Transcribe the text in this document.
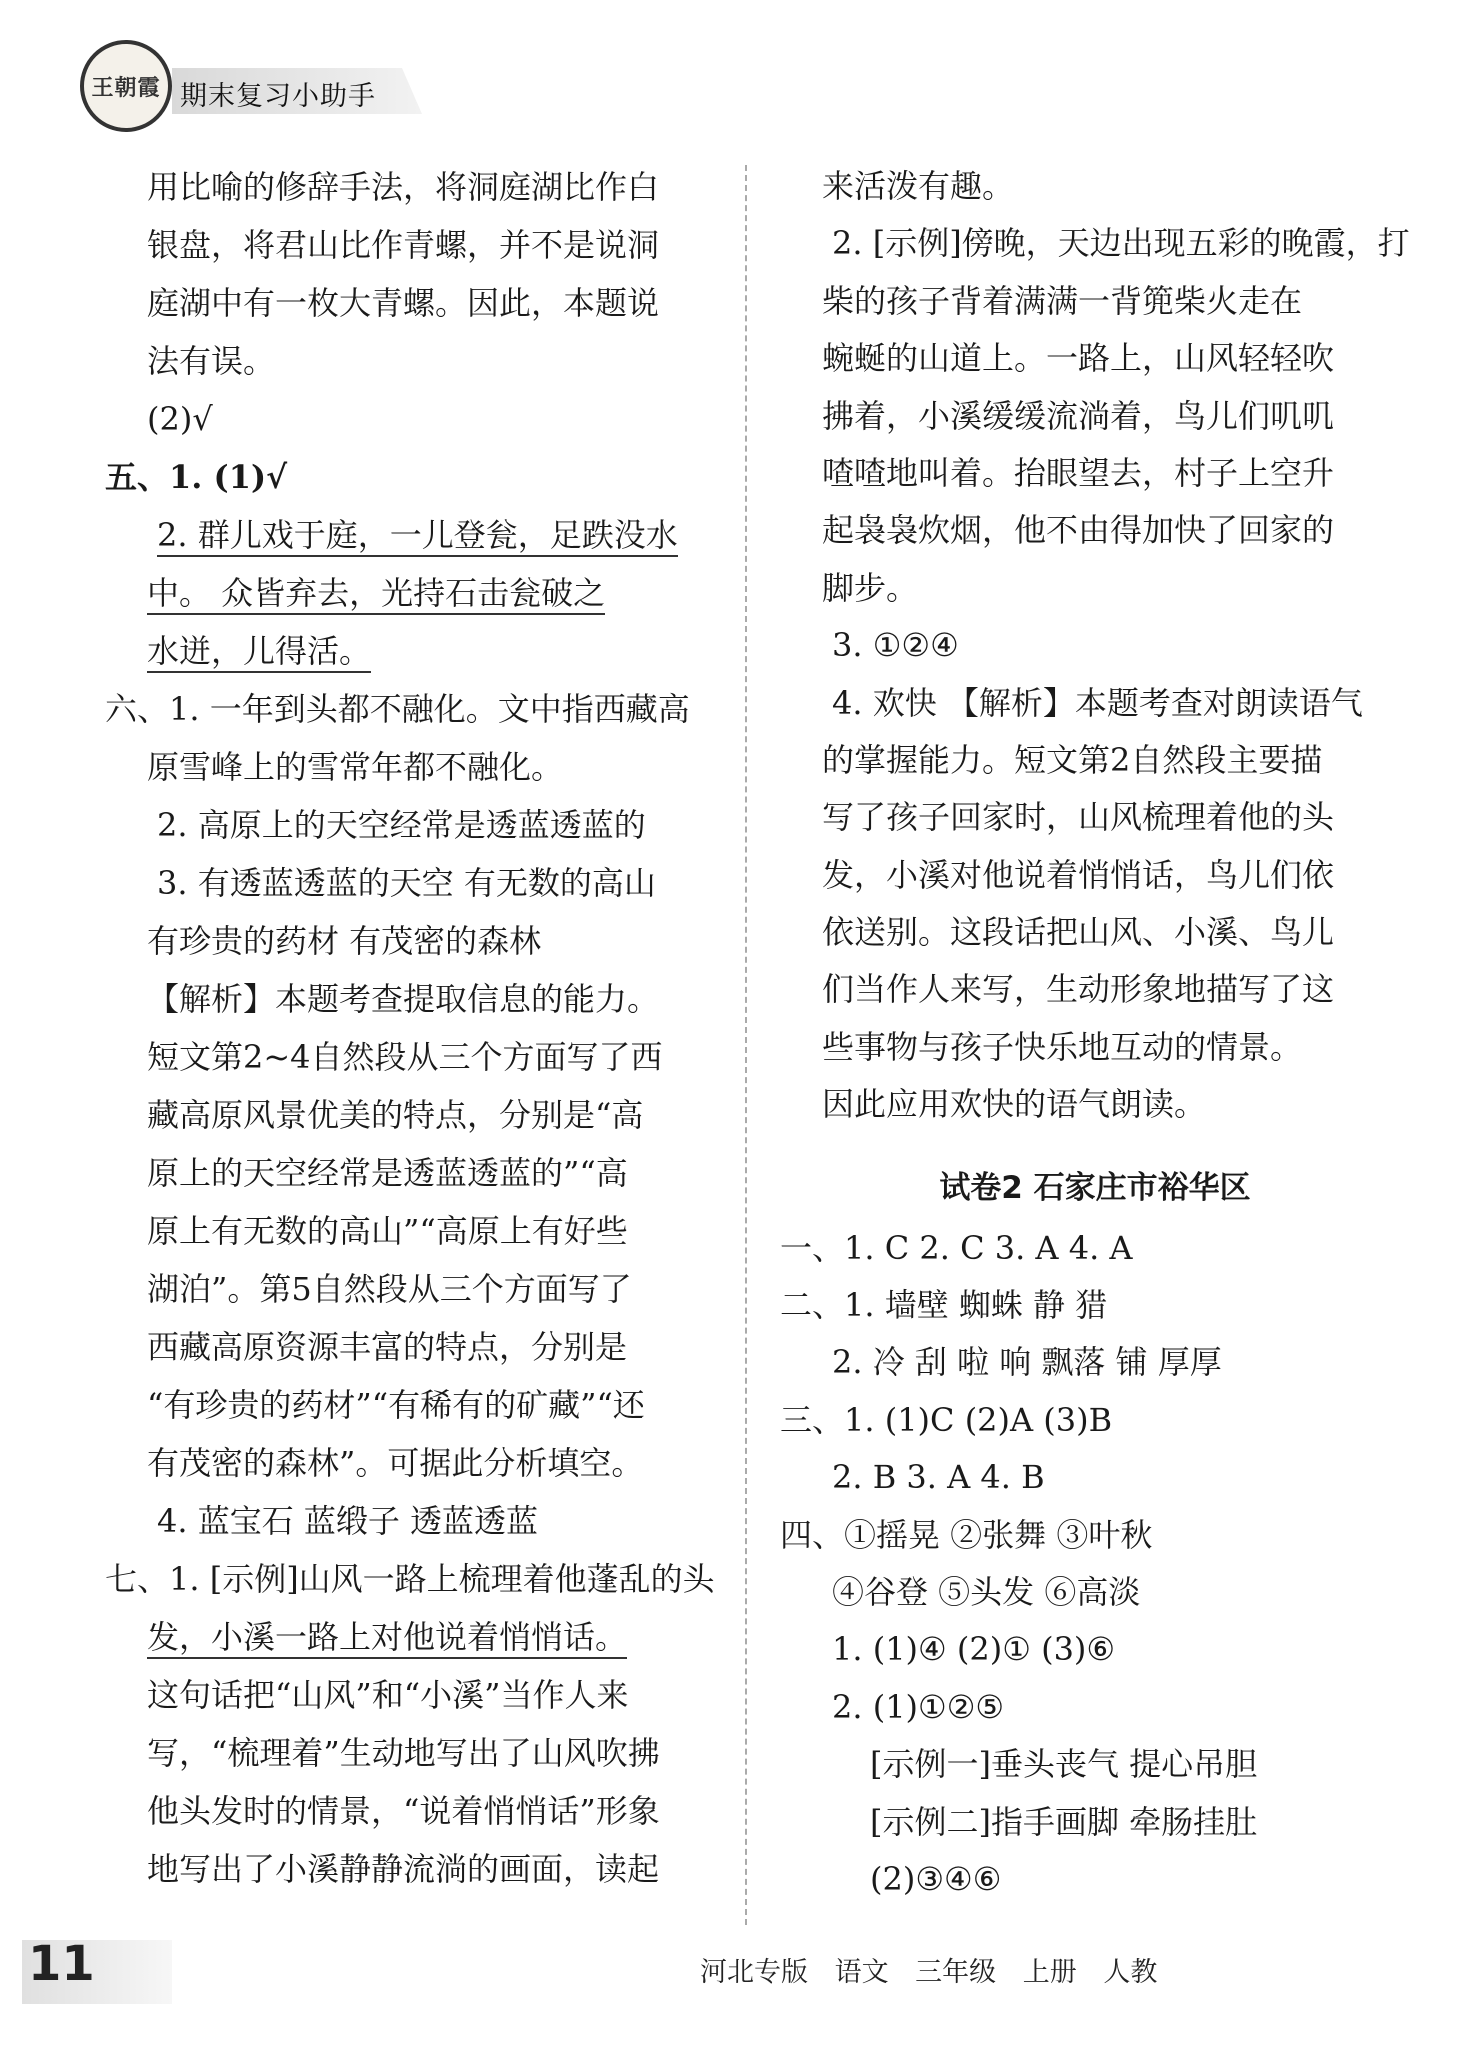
王朝霞 期末复习小助手
用比喻的修辞手法，将洞庭湖比作白
银盘，将君山比作青螺，并不是说洞
庭湖中有一枚大青螺。因此，本题说
法有误。
(2)√
五、1. (1)√
2. 群儿戏于庭，一儿登瓮，足跌没水
中。 众皆弃去，光持石击瓮破之
水迸，儿得活。
六、1. 一年到头都不融化。文中指西藏高
原雪峰上的雪常年都不融化。
2. 高原上的天空经常是透蓝透蓝的
3. 有透蓝透蓝的天空 有无数的高山
有珍贵的药材 有茂密的森林
【解析】本题考查提取信息的能力。
短文第2~4自然段从三个方面写了西
藏高原风景优美的特点，分别是“高
原上的天空经常是透蓝透蓝的”“高
原上有无数的高山”“高原上有好些
湖泊”。第5自然段从三个方面写了
西藏高原资源丰富的特点，分别是
“有珍贵的药材”“有稀有的矿藏”“还
有茂密的森林”。可据此分析填空。
4. 蓝宝石 蓝缎子 透蓝透蓝
七、1. [示例]山风一路上梳理着他蓬乱的头
发，小溪一路上对他说着悄悄话。
这句话把“山风”和“小溪”当作人来
写，“梳理着”生动地写出了山风吹拂
他头发时的情景，“说着悄悄话”形象
地写出了小溪静静流淌的画面，读起
来活泼有趣。
2. [示例]傍晚，天边出现五彩的晚霞，打
柴的孩子背着满满一背篼柴火走在
蜿蜒的山道上。一路上，山风轻轻吹
拂着，小溪缓缓流淌着，鸟儿们叽叽
喳喳地叫着。抬眼望去，村子上空升
起袅袅炊烟，他不由得加快了回家的
脚步。
3. ①②④
4. 欢快 【解析】本题考查对朗读语气
的掌握能力。短文第2自然段主要描
写了孩子回家时，山风梳理着他的头
发，小溪对他说着悄悄话，鸟儿们依
依送别。这段话把山风、小溪、鸟儿
们当作人来写，生动形象地描写了这
些事物与孩子快乐地互动的情景。
因此应用欢快的语气朗读。
试卷2 石家庄市裕华区
一、1. C 2. C 3. A 4. A
二、1. 墙壁 蜘蛛 静 猎
2. 冷 刮 啦 响 飘落 铺 厚厚
三、1. (1)C (2)A (3)B
2. B 3. A 4. B
四、①摇晃 ②张舞 ③叶秋
④谷登 ⑤头发 ⑥高淡
1. (1)④ (2)① (3)⑥
2. (1)①②⑤
[示例一]垂头丧气 提心吊胆
[示例二]指手画脚 牵肠挂肚
(2)③④⑥
11	河北专版 语文 三年级 上册 人教
